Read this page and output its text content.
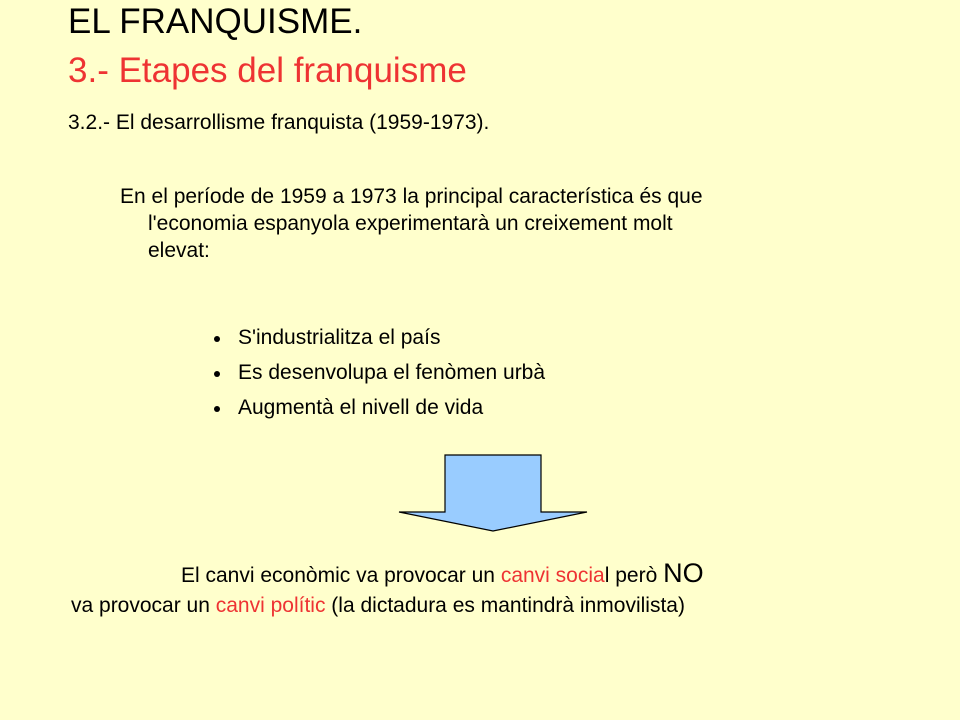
EL FRANQUISME.
3.- Etapes del franquisme
3.2.- El desarrollisme franquista (1959-1973).
En el període de 1959 a 1973 la principal característica és que
l'economia espanyola experimentarà un creixement molt
elevat:
S'industrialitza el país
Es desenvolupa el fenòmen urbà
Augmentà el nivell de vida
El canvi econòmic va provocar un canvi social però NO
va provocar un canvi polític (la dictadura es mantindrà inmovilista)
